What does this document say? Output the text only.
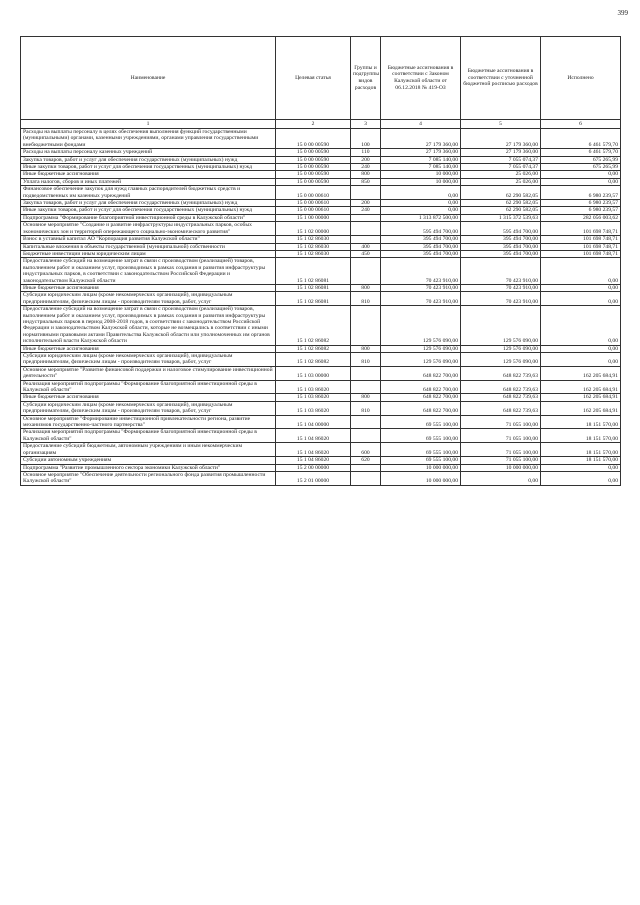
399
Наименование	Целевая статья	Группы и подгруппы видов расходов	Бюджетные ассигнования в соответствии с Законом Калужской области от 06.12.2018 № 419-ОЗ	Бюджетные ассигнования в соответствии с уточненной бюджетной росписью расходов	Исполнено
1	2	3	4	5	6
Расходы на выплаты персоналу в целях обеспечения выполнения функций государственными (муниципальными) органами, казенными учреждениями, органами управления государственными внебюджетными фондами	15 0 00 00590	100	27 179 360,00	27 179 360,00	6 461 579,70
Расходы на выплаты персоналу казенных учреждений	15 0 00 00590	110	27 179 360,00	27 179 360,00	6 461 579,70
Закупка товаров, работ и услуг для обеспечения государственных (муниципальных) нужд	15 0 00 00590	200	7 085 140,00	7 055 074,37	675 265,99
Иные закупки товаров, работ и услуг для обеспечения государственных (муниципальных) нужд	15 0 00 00590	240	7 085 140,00	7 055 074,37	675 265,99
Иные бюджетные ассигнования	15 0 00 00590	800	10 000,00	25 026,00	0,00
Уплата налогов, сборов и иных платежей	15 0 00 00590	850	10 000,00	25 026,00	0,00
Финансовое обеспечение закупок для нужд главных распорядителей бюджетных средств и подведомственных им казенных учреждений	15 0 00 00610		0,00	62 290 582,05	6 980 239,57
Закупка товаров, работ и услуг для обеспечения государственных (муниципальных) нужд	15 0 00 00610	200	0,00	62 290 582,05	6 980 239,57
Иные закупки товаров, работ и услуг для обеспечения государственных (муниципальных) нужд	15 0 00 00610	240	0,00	62 290 582,05	6 980 239,57
Подпрограмма "Формирование благоприятной инвестиционной среды в Калужской области"	15 1 00 00000		1 313 872 500,00	1 315 372 539,63	282 056 003,62
Основное мероприятие "Создание и развитие инфраструктуры индустриальных парков, особых экономических зон и территорий опережающего социально-экономического развития"	15 1 02 00000		595 494 700,00	595 494 700,00	101 698 748,71
Взнос в уставный капитал АО "Корпорация развития Калужской области"	15 1 02 86030		395 494 700,00	395 494 700,00	101 698 748,71
Капитальные вложения в объекты государственной (муниципальной) собственности	15 1 02 86030	400	395 494 700,00	395 494 700,00	101 698 748,71
Бюджетные инвестиции иным юридическим лицам	15 1 02 86030	450	395 494 700,00	395 494 700,00	101 698 748,71
Предоставление субсидий на возмещение затрат в связи с производством (реализацией) товаров, выполнением работ и оказанием услуг, производимых в рамках создания и развития инфраструктуры индустриальных парков, в соответствии с законодательством Российской Федерации и законодательством Калужской области	15 1 02 86081		70 423 910,00	70 423 910,00	0,00
Иные бюджетные ассигнования	15 1 02 86081	800	70 423 910,00	70 423 910,00	0,00
Субсидии юридическим лицам (кроме некоммерческих организаций), индивидуальным предпринимателям, физическим лицам - производителям товаров, работ, услуг	15 1 02 86081	810	70 423 910,00	70 423 910,00	0,00
Предоставление субсидий на возмещение затрат в связи с производством (реализацией) товаров, выполнением работ и оказанием услуг, производимых в рамках создания и развития инфраструктуры индустриальных парков в период 2008-2018 годов, в соответствии с законодательством Российской Федерации и законодательством Калужской области, которые не возмещались в соответствии с иными нормативными правовыми актами Правительства Калужской области или уполномоченных им органов исполнительной власти Калужской области	15 1 02 86082		129 576 090,00	129 576 090,00	0,00
Иные бюджетные ассигнования	15 1 02 86082	800	129 576 090,00	129 576 090,00	0,00
Субсидии юридическим лицам (кроме некоммерческих организаций), индивидуальным предпринимателям, физическим лицам - производителям товаров, работ, услуг	15 1 02 86082	810	129 576 090,00	129 576 090,00	0,00
Основное мероприятие "Развитие финансовой поддержки и налоговое стимулирование инвестиционной деятельности"	15 1 03 00000		648 822 700,00	648 822 739,63	162 205 684,91
Реализация мероприятий подпрограммы "Формирование благоприятной инвестиционной среды в Калужской области"	15 1 03 86020		648 822 700,00	648 822 739,63	162 205 684,91
Иные бюджетные ассигнования	15 1 03 86020	800	648 822 700,00	648 822 739,63	162 205 684,91
Субсидии юридическим лицам (кроме некоммерческих организаций), индивидуальным предпринимателям, физическим лицам - производителям товаров, работ, услуг	15 1 03 86020	810	648 822 700,00	648 822 739,63	162 205 684,91
Основное мероприятие "Формирование инвестиционной привлекательности региона, развитие механизмов государственно-частного партнерства"	15 1 04 00000		69 555 100,00	71 055 100,00	18 151 570,00
Реализация мероприятий подпрограммы "Формирование благоприятной инвестиционной среды в Калужской области"	15 1 04 86020		69 555 100,00	71 055 100,00	18 151 570,00
Предоставление субсидий бюджетным, автономным учреждениям и иным некоммерческим организациям	15 1 04 86020	600	69 555 100,00	71 055 100,00	18 151 570,00
Субсидии автономным учреждениям	15 1 04 86020	620	69 555 100,00	71 055 100,00	18 151 570,00
Подпрограмма "Развитие промышленного сектора экономики Калужской области"	15 2 00 00000		10 000 000,00	10 000 000,00	0,00
Основное мероприятие "Обеспечение деятельности регионального фонда развития промышленности Калужской области"	15 2 01 00000		10 000 000,00	0,00	0,00
